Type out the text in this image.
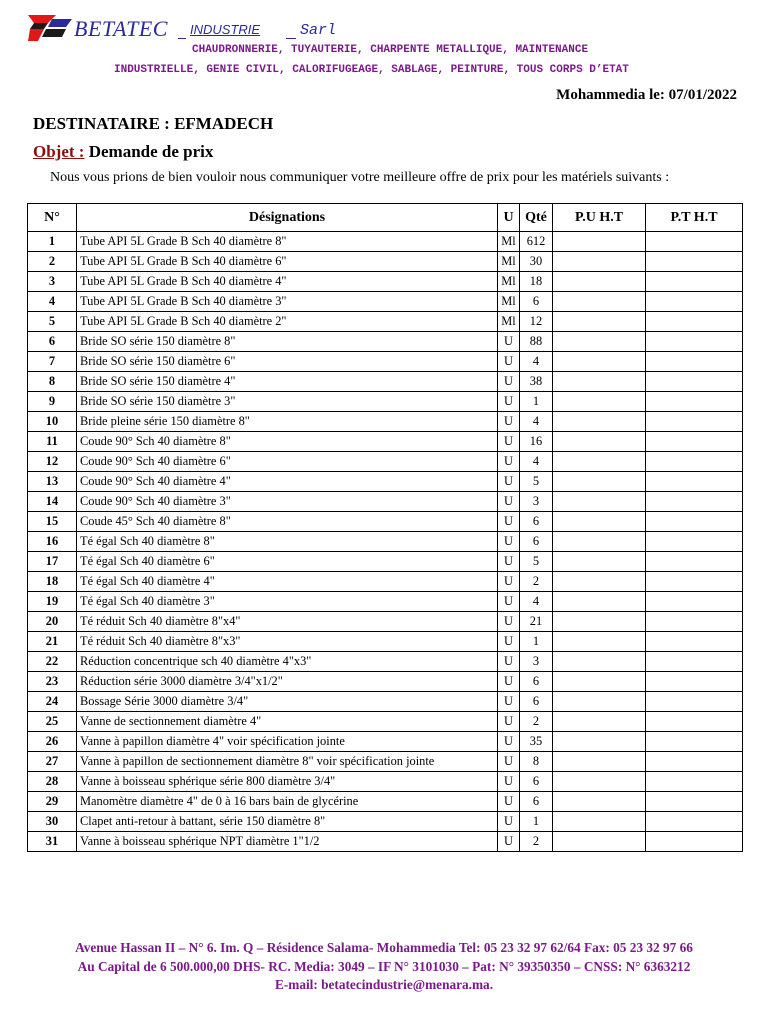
BETATEC INDUSTRIE	Sarl
CHAUDRONNERIE, TUYAUTERIE, CHARPENTE METALLIQUE, MAINTENANCE
INDUSTRIELLE, GENIE CIVIL, CALORIFUGEAGE, SABLAGE, PEINTURE, TOUS CORPS D’ETAT
Mohammedia le: 07/01/2022
DESTINATAIRE : EFMADECH
Objet : Demande de prix
Nous vous prions de bien vouloir nous communiquer votre meilleure offre de prix pour les matériels suivants :
N°	Désignations	U	Qté	P.U H.T	P.T H.T
1	Tube API 5L Grade B Sch 40 diamètre 8"	Ml	612		
2	Tube API 5L Grade B Sch 40 diamètre 6"	Ml	30		
3	Tube API 5L Grade B Sch 40 diamètre 4"	Ml	18		
4	Tube API 5L Grade B Sch 40 diamètre 3"	Ml	6		
5	Tube API 5L Grade B Sch 40 diamètre 2"	Ml	12		
6	Bride SO série 150 diamètre 8"	U	88		
7	Bride SO série 150 diamètre 6"	U	4		
8	Bride SO série 150 diamètre 4"	U	38		
9	Bride SO série 150 diamètre 3"	U	1		
10	Bride pleine série 150 diamètre 8"	U	4		
11	Coude 90° Sch 40 diamètre 8"	U	16		
12	Coude 90° Sch 40 diamètre 6"	U	4		
13	Coude 90° Sch 40 diamètre 4"	U	5		
14	Coude 90° Sch 40 diamètre 3"	U	3		
15	Coude 45° Sch 40 diamètre 8"	U	6		
16	Té égal Sch 40 diamètre 8"	U	6		
17	Té égal Sch 40 diamètre 6"	U	5		
18	Té égal Sch 40 diamètre 4"	U	2		
19	Té égal Sch 40 diamètre 3"	U	4		
20	Té réduit Sch 40 diamètre 8"x4"	U	21		
21	Té réduit Sch 40 diamètre 8"x3"	U	1		
22	Réduction concentrique sch 40 diamètre 4"x3"	U	3		
23	Réduction série 3000 diamètre 3/4"x1/2"	U	6		
24	Bossage Série 3000 diamètre 3/4"	U	6		
25	Vanne de sectionnement diamètre 4"	U	2		
26	Vanne à papillon diamètre 4" voir spécification jointe	U	35		
27	Vanne à papillon de sectionnement diamètre 8" voir spécification jointe	U	8		
28	Vanne à boisseau sphérique série 800 diamètre 3/4"	U	6		
29	Manomètre diamètre 4" de 0 à 16 bars bain de glycérine	U	6		
30	Clapet anti-retour à battant, série 150 diamètre 8"	U	1		
31	Vanne à boisseau sphérique NPT diamètre 1"1/2	U	2		
Avenue Hassan II – N° 6. Im. Q – Résidence Salama- Mohammedia Tel: 05 23 32 97 62/64 Fax: 05 23 32 97 66
Au Capital de 6 500.000,00 DHS- RC. Media: 3049 – IF N° 3101030 – Pat: N° 39350350 – CNSS: N° 6363212
E-mail: betatecindustrie@menara.ma.
